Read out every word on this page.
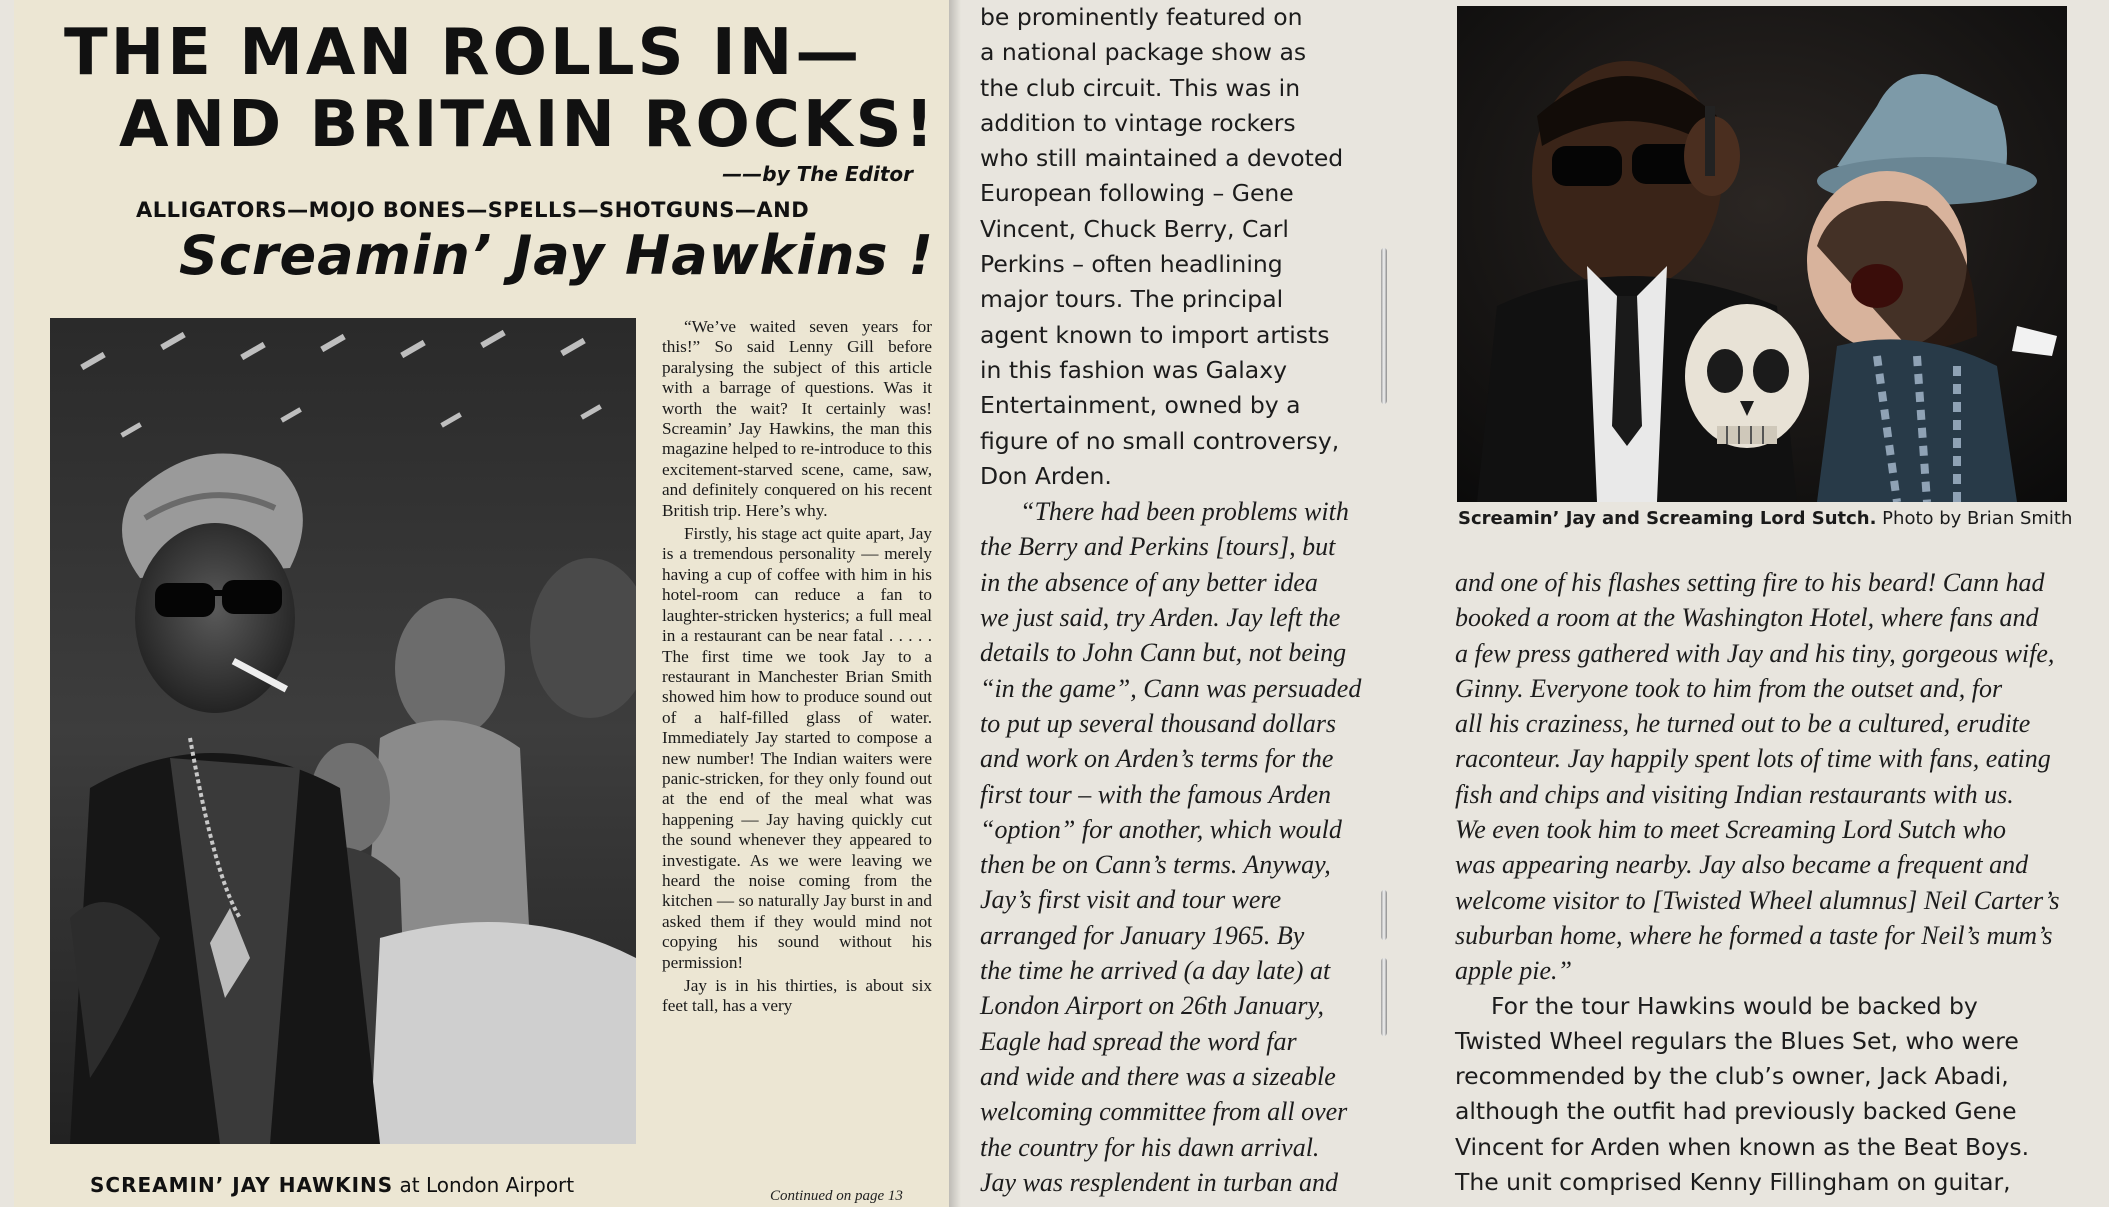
THE MAN ROLLS IN—
AND BRITAIN ROCKS!

——by The Editor

ALLIGATORS—MOJO BONES—SPELLS—SHOTGUNS—AND

Screamin’ Jay Hawkins !

SCREAMIN’ JAY HAWKINS at London Airport

“We’ve waited seven years for this!” So said Lenny Gill before paralysing the subject of this article with a barrage of questions. Was it worth the wait? It certainly was! Screamin’ Jay Hawkins, the man this magazine helped to re-introduce to this excitement-starved scene, came, saw, and definitely conquered on his recent British trip. Here’s why.

Firstly, his stage act quite apart, Jay is a tremendous personality — merely having a cup of coffee with him in his hotel-room can reduce a fan to laughter-stricken hysterics; a full meal in a restaurant can be near fatal . . . . . The first time we took Jay to a restaurant in Manchester Brian Smith showed him how to produce sound out of a half-filled glass of water. Immediately Jay started to compose a new number! The Indian waiters were panic-stricken, for they only found out at the end of the meal what was happening — Jay having quickly cut the sound whenever they appeared to investigate. As we were leaving we heard the noise coming from the kitchen — so naturally Jay burst in and asked them if they would mind not copying his sound without his permission!

Jay is in his thirties, is about six feet tall, has a very

Continued on page 13

be prominently featured on
a national package show as
the club circuit. This was in
addition to vintage rockers
who still maintained a devoted
European following – Gene
Vincent, Chuck Berry, Carl
Perkins – often headlining
major tours. The principal
agent known to import artists
in this fashion was Galaxy
Entertainment, owned by a
figure of no small controversy,
Don Arden.
“There had been problems with
the Berry and Perkins [tours], but
in the absence of any better idea
we just said, try Arden. Jay left the
details to John Cann but, not being
“in the game”, Cann was persuaded
to put up several thousand dollars
and work on Arden’s terms for the
first tour – with the famous Arden
“option” for another, which would
then be on Cann’s terms. Anyway,
Jay’s first visit and tour were
arranged for January 1965. By
the time he arrived (a day late) at
London Airport on 26th January,
Eagle had spread the word far
and wide and there was a sizeable
welcoming committee from all over
the country for his dawn arrival.
Jay was resplendent in turban and

Screamin’ Jay and Screaming Lord Sutch. Photo by Brian Smith

and one of his flashes setting fire to his beard! Cann had
booked a room at the Washington Hotel, where fans and
a few press gathered with Jay and his tiny, gorgeous wife,
Ginny. Everyone took to him from the outset and, for
all his craziness, he turned out to be a cultured, erudite
raconteur. Jay happily spent lots of time with fans, eating
fish and chips and visiting Indian restaurants with us.
We even took him to meet Screaming Lord Sutch who
was appearing nearby. Jay also became a frequent and
welcome visitor to [Twisted Wheel alumnus] Neil Carter’s
suburban home, where he formed a taste for Neil’s mum’s
apple pie.”
For the tour Hawkins would be backed by
Twisted Wheel regulars the Blues Set, who were
recommended by the club’s owner, Jack Abadi,
although the outfit had previously backed Gene
Vincent for Arden when known as the Beat Boys.
The unit comprised Kenny Fillingham on guitar,
